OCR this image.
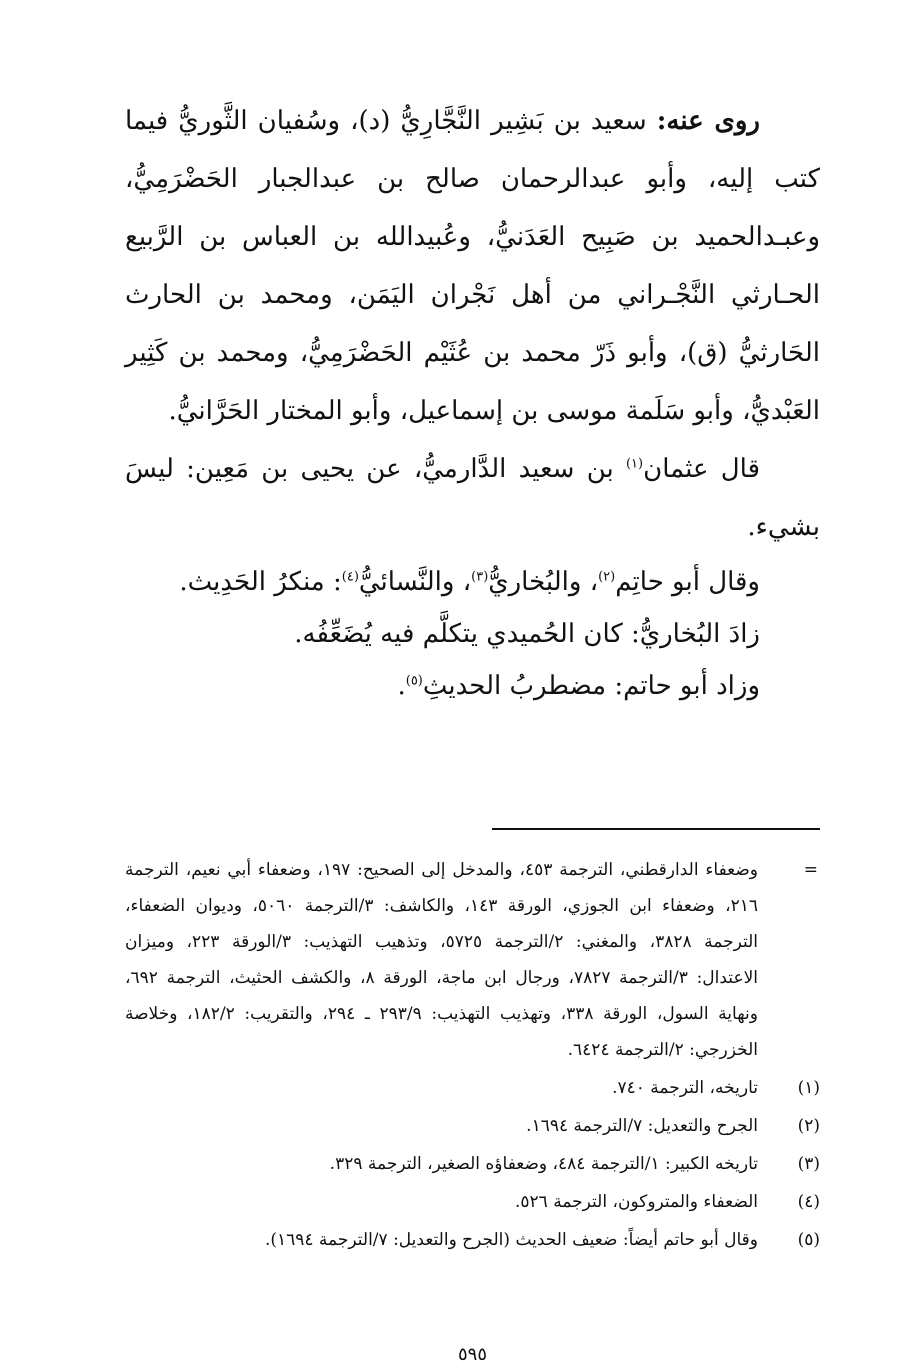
روى عنه: سعيد بن بَشِير النَّجَّارِيُّ (د)، وسُفيان الثَّوريُّ فيما كتب إليه، وأبو عبدالرحمان صالح بن عبدالجبار الحَضْرَمِيُّ، وعبـدالحميد بن صَبِيح العَدَنيُّ، وعُبيدالله بن العباس بن الرَّبيع الحـارثي النَّجْـراني من أهل نَجْران اليَمَن، ومحمد بن الحارث الحَارثيُّ (ق)، وأبو ذَرّ محمد بن عُثَيْم الحَضْرَمِيُّ، ومحمد بن كَثِير العَبْديُّ، وأبو سَلَمة موسى بن إسماعيل، وأبو المختار الحَرَّانيُّ.

قال عثمان$^{(١)}$ بن سعيد الدَّارميُّ، عن يحيى بن مَعِين: ليسَ بشيء.

وقال أبو حاتِم$^{(٢)}$، والبُخاريُّ$^{(٣)}$، والنَّسائيُّ$^{(٤)}$: منكرُ الحَدِيث.

زادَ البُخاريُّ: كان الحُميدي يتكلَّم فيه يُضَعِّفُه.

وزاد أبو حاتم: مضطربُ الحديثِ$^{(٥)}$.

=
وضعفاء الدارقطني، الترجمة ٤٥٣، والمدخل إلى الصحيح: ١٩٧، وضعفاء أبي نعيم، الترجمة ٢١٦، وضعفاء ابن الجوزي، الورقة ١٤٣، والكاشف: ٣/الترجمة ٥٠٦٠، وديوان الضعفاء، الترجمة ٣٨٢٨، والمغني: ٢/الترجمة ٥٧٢٥، وتذهيب التهذيب: ٣/الورقة ٢٢٣، وميزان الاعتدال: ٣/الترجمة ٧٨٢٧، ورجال ابن ماجة، الورقة ٨، والكشف الحثيث، الترجمة ٦٩٢، ونهاية السول، الورقة ٣٣٨، وتهذيب التهذيب: ٢٩٣/٩ ـ ٢٩٤، والتقريب: ١٨٢/٢، وخلاصة الخزرجي: ٢/الترجمة ٦٤٢٤.
(١)
تاريخه، الترجمة ٧٤٠.
(٢)
الجرح والتعديل: ٧/الترجمة ١٦٩٤.
(٣)
تاريخه الكبير: ١/الترجمة ٤٨٤، وضعفاؤه الصغير، الترجمة ٣٢٩.
(٤)
الضعفاء والمتروكون، الترجمة ٥٢٦.
(٥)
وقال أبو حاتم أيضاً: ضعيف الحديث (الجرح والتعديل: ٧/الترجمة ١٦٩٤).
٥٩٥
